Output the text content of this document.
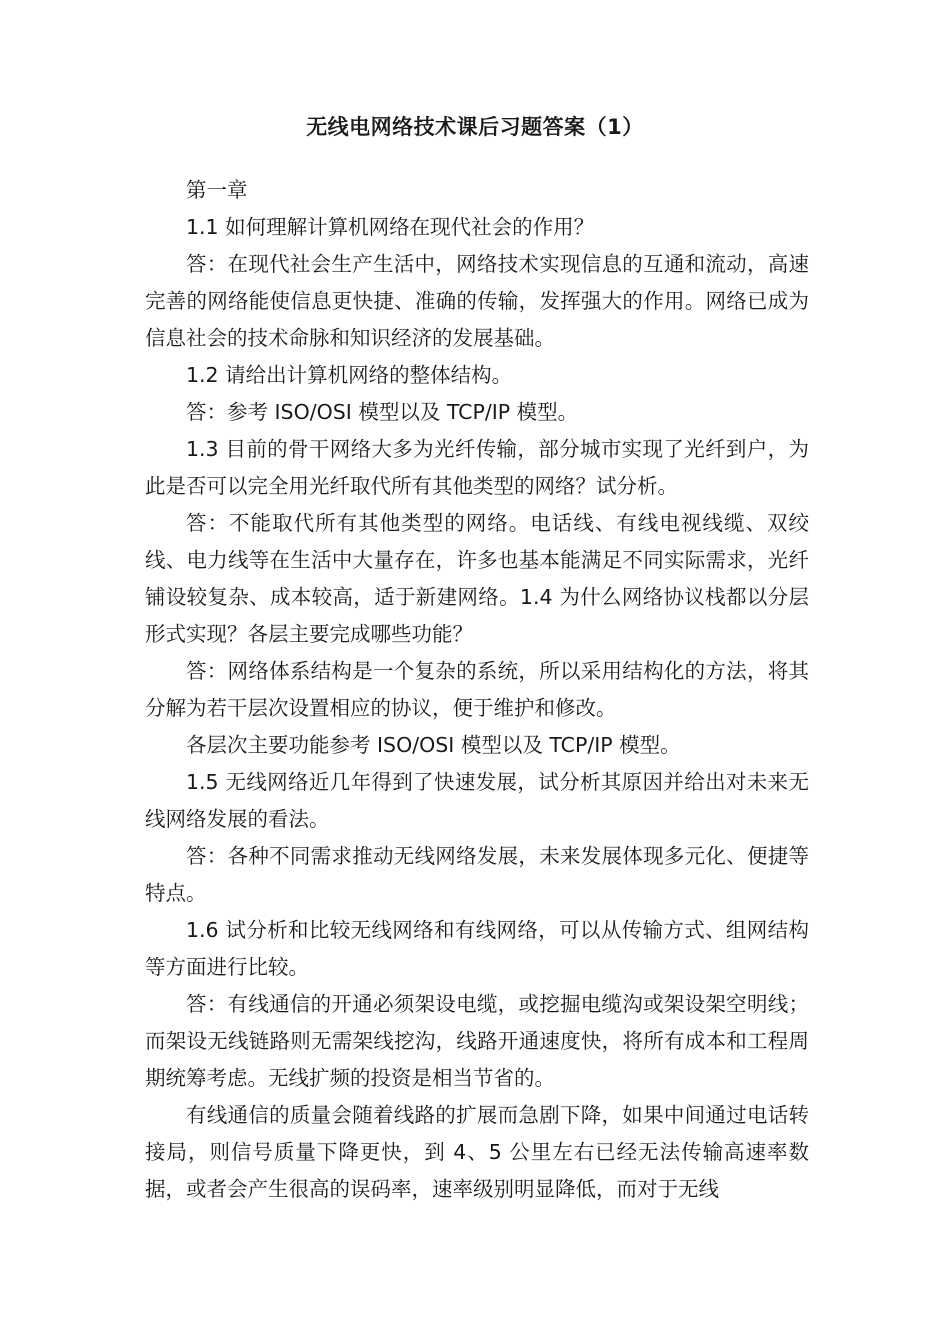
无线电网络技术课后习题答案（1）

第一章

1.1 如何理解计算机网络在现代社会的作用？

答：在现代社会生产生活中，网络技术实现信息的互通和流动，高速完善的网络能使信息更快捷、准确的传输，发挥强大的作用。网络已成为信息社会的技术命脉和知识经济的发展基础。

1.2 请给出计算机网络的整体结构。

答：参考 ISO/OSI 模型以及 TCP/IP 模型。

1.3 目前的骨干网络大多为光纤传输，部分城市实现了光纤到户，为此是否可以完全用光纤取代所有其他类型的网络？试分析。

答：不能取代所有其他类型的网络。电话线、有线电视线缆、双绞线、电力线等在生活中大量存在，许多也基本能满足不同实际需求，光纤铺设较复杂、成本较高，适于新建网络。1.4 为什么网络协议栈都以分层形式实现？各层主要完成哪些功能？

答：网络体系结构是一个复杂的系统，所以采用结构化的方法，将其分解为若干层次设置相应的协议，便于维护和修改。

各层次主要功能参考 ISO/OSI 模型以及 TCP/IP 模型。

1.5 无线网络近几年得到了快速发展，试分析其原因并给出对未来无线网络发展的看法。

答：各种不同需求推动无线网络发展，未来发展体现多元化、便捷等特点。

1.6 试分析和比较无线网络和有线网络，可以从传输方式、组网结构等方面进行比较。

答：有线通信的开通必须架设电缆，或挖掘电缆沟或架设架空明线；而架设无线链路则无需架线挖沟，线路开通速度快，将所有成本和工程周期统筹考虑。无线扩频的投资是相当节省的。

有线通信的质量会随着线路的扩展而急剧下降，如果中间通过电话转接局，则信号质量下降更快，到 4、5 公里左右已经无法传输高速率数据，或者会产生很高的误码率，速率级别明显降低，而对于无线
